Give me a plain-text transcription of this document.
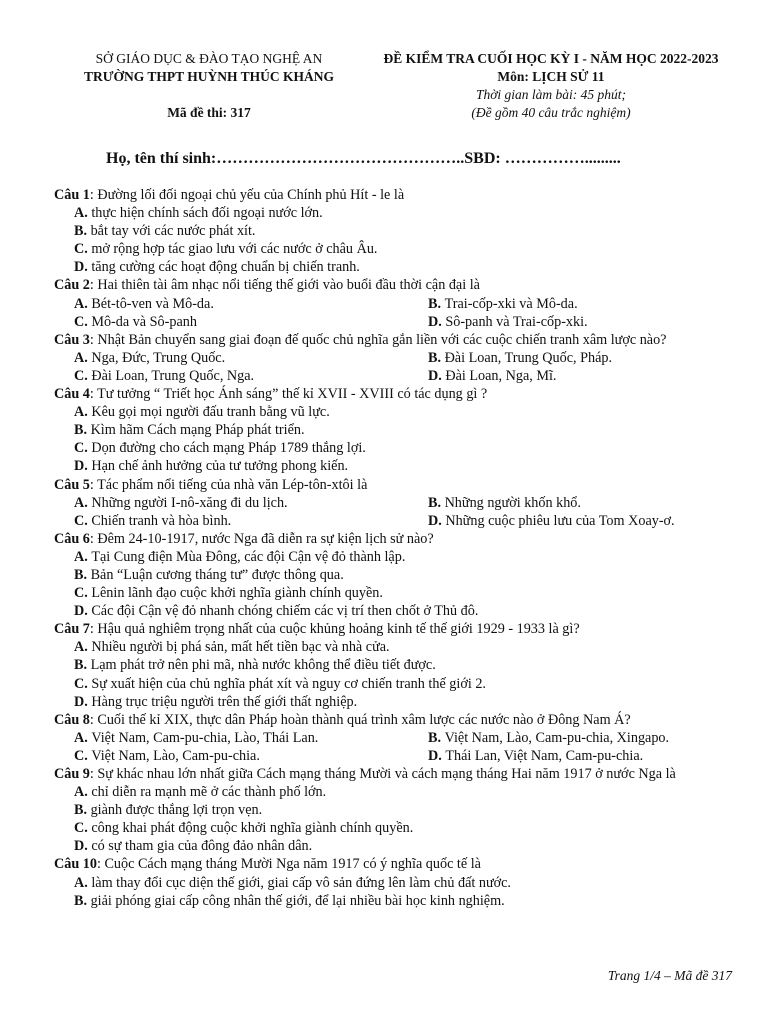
SỞ GIÁO DỤC & ĐÀO TẠO NGHỆ AN
TRƯỜNG THPT HUỲNH THÚC KHÁNG
Mã đề thi: 317
ĐỀ KIỂM TRA CUỐI HỌC KỲ I - NĂM HỌC 2022-2023
Môn: LỊCH SỬ 11
Thời gian làm bài: 45 phút;
(Đề gồm 40 câu trắc nghiệm)
Họ, tên thí sinh:………………………………………..SBD: …………….........
Câu 1: Đường lối đối ngoại chủ yếu của Chính phủ Hít - le là
A. thực hiện chính sách đối ngoại nước lớn.
B. bắt tay với các nước phát xít.
C. mở rộng hợp tác giao lưu với các nước ở châu Âu.
D. tăng cường các hoạt động chuẩn bị chiến tranh.
Câu 2: Hai thiên tài âm nhạc nổi tiếng thế giới vào buổi đầu thời cận đại là
A. Bét-tô-ven và Mô-da.	B. Trai-cốp-xki và Mô-da.
C. Mô-da và Sô-panh	D. Sô-panh và Trai-cốp-xki.
Câu 3: Nhật Bản chuyển sang giai đoạn đế quốc chủ nghĩa gắn liền với các cuộc chiến tranh xâm lược nào?
A. Nga, Đức, Trung Quốc.	B. Đài Loan, Trung Quốc, Pháp.
C. Đài Loan, Trung Quốc, Nga.	D. Đài Loan, Nga, Mĩ.
Câu 4: Tư tưởng “ Triết học Ánh sáng” thế kỉ XVII - XVIII có tác dụng gì ?
A. Kêu gọi mọi người đấu tranh bằng vũ lực.
B. Kìm hãm Cách mạng Pháp phát triển.
C. Dọn đường cho cách mạng Pháp 1789 thắng lợi.
D. Hạn chế ảnh hưởng của tư tưởng phong kiến.
Câu 5: Tác phẩm nổi tiếng của nhà văn Lép-tôn-xtôi là
A. Những người I-nô-xăng đi du lịch.	B. Những người khốn khổ.
C. Chiến tranh và hòa bình.	D. Những cuộc phiêu lưu của Tom Xoay-ơ.
Câu 6: Đêm 24-10-1917, nước Nga đã diễn ra sự kiện lịch sử nào?
A. Tại Cung điện Mùa Đông, các đội Cận vệ đỏ thành lập.
B. Bản “Luận cương tháng tư” được thông qua.
C. Lênin lãnh đạo cuộc khởi nghĩa giành chính quyền.
D. Các đội Cận vệ đỏ nhanh chóng chiếm các vị trí then chốt ở Thủ đô.
Câu 7: Hậu quả nghiêm trọng nhất của cuộc khủng hoảng kinh tế thế giới 1929 - 1933 là gì?
A. Nhiều người bị phá sản, mất hết tiền bạc và nhà cửa.
B. Lạm phát trở nên phi mã, nhà nước không thể điều tiết được.
C. Sự xuất hiện của chủ nghĩa phát xít và nguy cơ chiến tranh thế giới 2.
D. Hàng trục triệu người trên thế giới thất nghiệp.
Câu 8: Cuối thế kỉ XIX, thực dân Pháp hoàn thành quá trình xâm lược các nước nào ở Đông Nam Á?
A. Việt Nam, Cam-pu-chia, Lào, Thái Lan.	B. Việt Nam, Lào, Cam-pu-chia, Xingapo.
C. Việt Nam, Lào, Cam-pu-chia.	D. Thái Lan, Việt Nam, Cam-pu-chia.
Câu 9: Sự khác nhau lớn nhất giữa Cách mạng tháng Mười và cách mạng tháng Hai năm 1917 ở nước Nga là
A. chỉ diễn ra mạnh mẽ ở các thành phố lớn.
B. giành được thắng lợi trọn vẹn.
C. công khai phát động cuộc khởi nghĩa giành chính quyền.
D. có sự tham gia của đông đảo nhân dân.
Câu 10: Cuộc Cách mạng tháng Mười Nga năm 1917 có ý nghĩa quốc tế là
A. làm thay đổi cục diện thế giới, giai cấp vô sản đứng lên làm chủ đất nước.
B. giải phóng giai cấp công nhân thế giới, để lại nhiều bài học kinh nghiệm.
Trang 1/4 – Mã đề 317
